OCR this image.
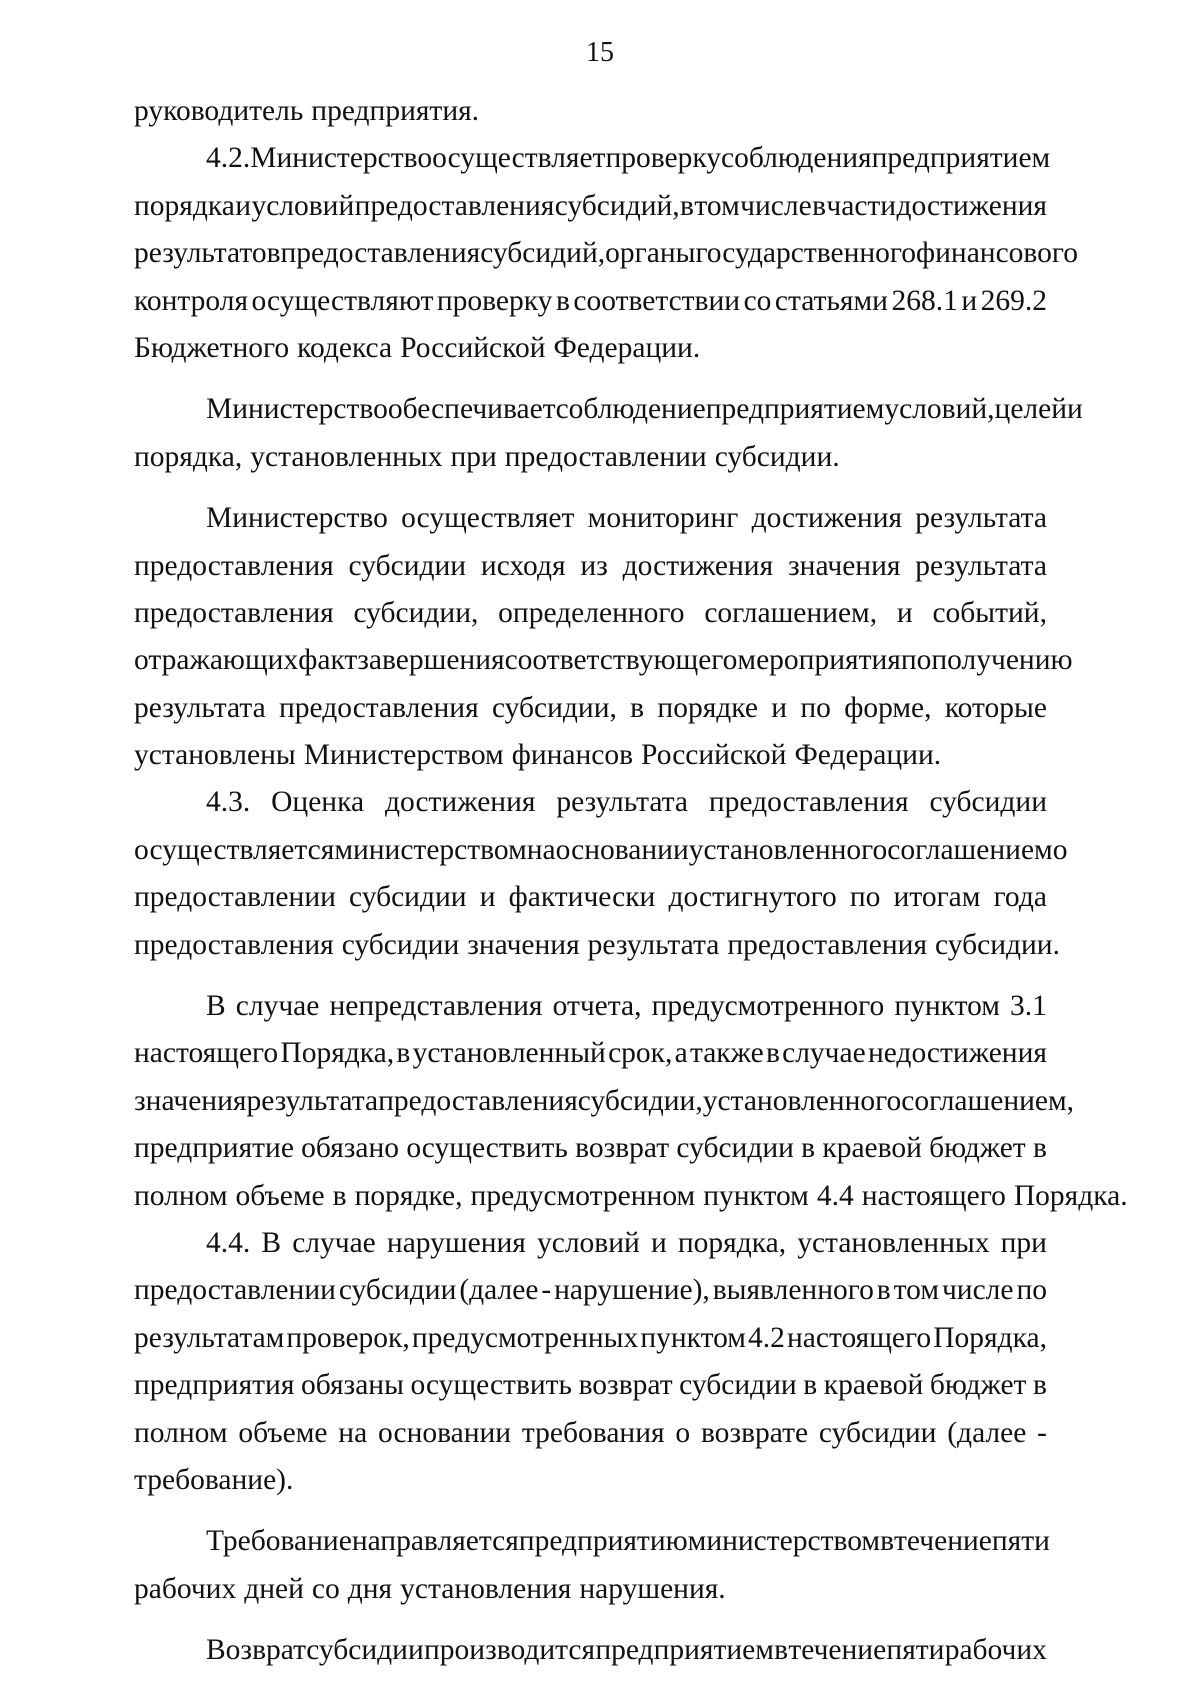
15
руководитель предприятия.
4.2. Министерство осуществляет проверку соблюдения предприятием
порядка и условий предоставления субсидий, в том числе в части достижения
результатов предоставления субсидий, органы государственного финансового
контроля осуществляют проверку в соответствии со статьями 268.1 и 269.2
Бюджетного кодекса Российской Федерации.
Министерство обеспечивает соблюдение предприятием условий, целей и
порядка, установленных при предоставлении субсидии.
Министерство осуществляет мониторинг достижения результата
предоставления субсидии исходя из достижения значения результата
предоставления субсидии, определенного соглашением, и событий,
отражающих факт завершения соответствующего мероприятия по получению
результата предоставления субсидии, в порядке и по форме, которые
установлены Министерством финансов Российской Федерации.
4.3. Оценка достижения результата предоставления субсидии
осуществляется министерством на основании установленного соглашением о
предоставлении субсидии и фактически достигнутого по итогам года
предоставления субсидии значения результата предоставления субсидии.
В случае непредставления отчета, предусмотренного пунктом 3.1
настоящего Порядка, в установленный срок, а также в случае недостижения
значения результата предоставления субсидии, установленного соглашением,
предприятие обязано осуществить возврат субсидии в краевой бюджет в
полном объеме в порядке, предусмотренном пунктом 4.4 настоящего Порядка.
4.4. В случае нарушения условий и порядка, установленных при
предоставлении субсидии (далее - нарушение), выявленного в том числе по
результатам проверок, предусмотренных пунктом 4.2 настоящего Порядка,
предприятия обязаны осуществить возврат субсидии в краевой бюджет в
полном объеме на основании требования о возврате субсидии (далее -
требование).
Требование направляется предприятию министерством в течение пяти
рабочих дней со дня установления нарушения.
Возврат субсидии производится предприятием в течение пяти рабочих
